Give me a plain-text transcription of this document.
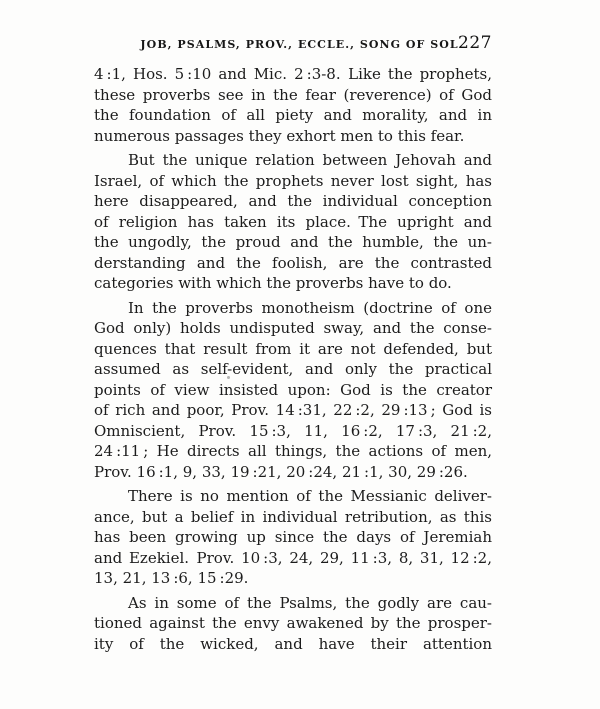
JOB, PSALMS, PROV., ECCLE., SONG OF SOL.
227
4 :1, Hos. 5 :10 and Mic. 2 :3-8. Like the prophets,
these proverbs see in the fear (reverence) of God
the foundation of all piety and morality, and in
numerous passages they exhort men to this fear.
But the unique relation between Jehovah and
Israel, of which the prophets never lost sight, has
here disappeared, and the individual conception
of religion has taken its place. The upright and
the ungodly, the proud and the humble, the un-
derstanding and the foolish, are the contrasted
categories with which the proverbs have to do.
In the proverbs monotheism (doctrine of one
God only) holds undisputed sway, and the conse-
quences that result from it are not defended, but
assumed as self-evident, and only the practical
points of view insisted upon: God is the creator
of rich and poor, Prov. 14 :31, 22 :2, 29 :13 ; God is
Omniscient, Prov. 15 :3, 11, 16 :2, 17 :3, 21 :2,
24 :11 ; He directs all things, the actions of men,
Prov. 16 :1, 9, 33, 19 :21, 20 :24, 21 :1, 30, 29 :26.
There is no mention of the Messianic deliver-
ance, but a belief in individual retribution, as this
has been growing up since the days of Jeremiah
and Ezekiel. Prov. 10 :3, 24, 29, 11 :3, 8, 31, 12 :2,
13, 21, 13 :6, 15 :29.
As in some of the Psalms, the godly are cau-
tioned against the envy awakened by the prosper-
ity of the wicked, and have their attention
